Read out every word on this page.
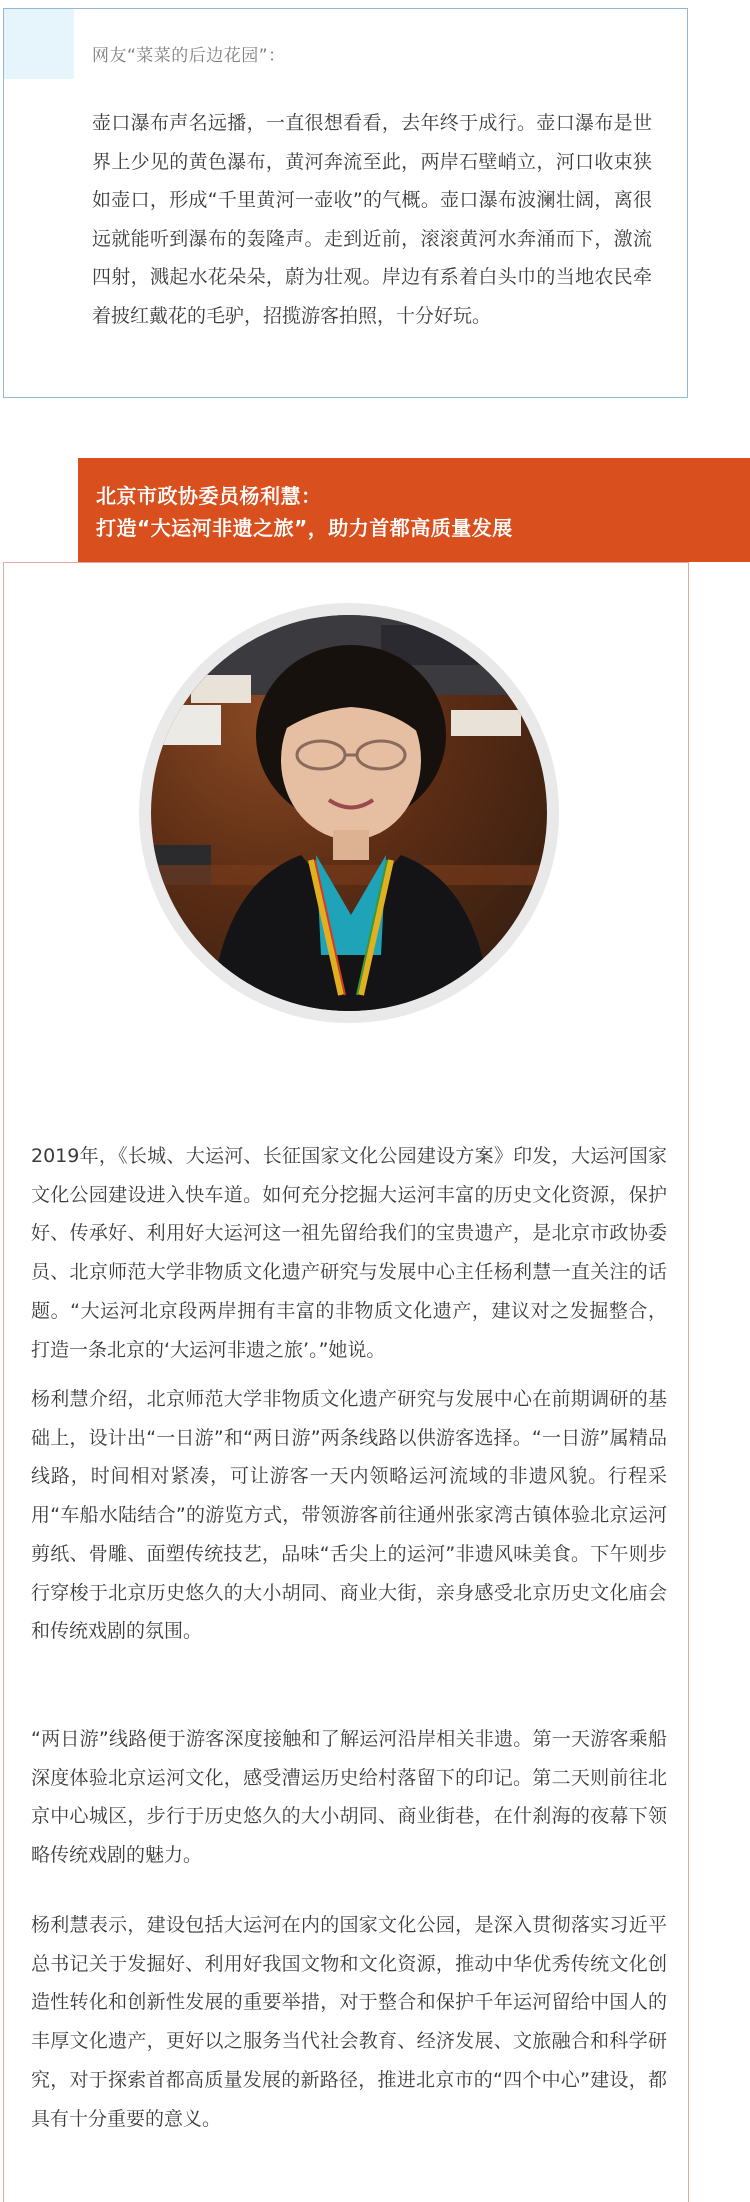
网友“菜菜的后边花园”：

壶口瀑布声名远播，一直很想看看，去年终于成行。壶口瀑布是世界上少见的黄色瀑布，黄河奔流至此，两岸石壁峭立，河口收束狭如壶口，形成“千里黄河一壶收”的气概。壶口瀑布波澜壮阔，离很远就能听到瀑布的轰隆声。走到近前，滚滚黄河水奔涌而下，激流四射，溅起水花朵朵，蔚为壮观。岸边有系着白头巾的当地农民牵着披红戴花的毛驴，招揽游客拍照，十分好玩。

北京市政协委员杨利慧：
打造“大运河非遗之旅”，助力首都高质量发展

2019年，《长城、大运河、长征国家文化公园建设方案》印发，大运河国家文化公园建设进入快车道。如何充分挖掘大运河丰富的历史文化资源，保护好、传承好、利用好大运河这一祖先留给我们的宝贵遗产，是北京市政协委员、北京师范大学非物质文化遗产研究与发展中心主任杨利慧一直关注的话题。“大运河北京段两岸拥有丰富的非物质文化遗产，建议对之发掘整合，打造一条北京的‘大运河非遗之旅’。”她说。

杨利慧介绍，北京师范大学非物质文化遗产研究与发展中心在前期调研的基础上，设计出“一日游”和“两日游”两条线路以供游客选择。“一日游”属精品线路，时间相对紧凑，可让游客一天内领略运河流域的非遗风貌。行程采用“车船水陆结合”的游览方式，带领游客前往通州张家湾古镇体验北京运河剪纸、骨雕、面塑传统技艺，品味“舌尖上的运河”非遗风味美食。下午则步行穿梭于北京历史悠久的大小胡同、商业大街，亲身感受北京历史文化庙会和传统戏剧的氛围。

“两日游”线路便于游客深度接触和了解运河沿岸相关非遗。第一天游客乘船深度体验北京运河文化，感受漕运历史给村落留下的印记。第二天则前往北京中心城区，步行于历史悠久的大小胡同、商业街巷，在什刹海的夜幕下领略传统戏剧的魅力。

杨利慧表示，建设包括大运河在内的国家文化公园，是深入贯彻落实习近平总书记关于发掘好、利用好我国文物和文化资源，推动中华优秀传统文化创造性转化和创新性发展的重要举措，对于整合和保护千年运河留给中国人的丰厚文化遗产，更好以之服务当代社会教育、经济发展、文旅融合和科学研究，对于探索首都高质量发展的新路径，推进北京市的“四个中心”建设，都具有十分重要的意义。
